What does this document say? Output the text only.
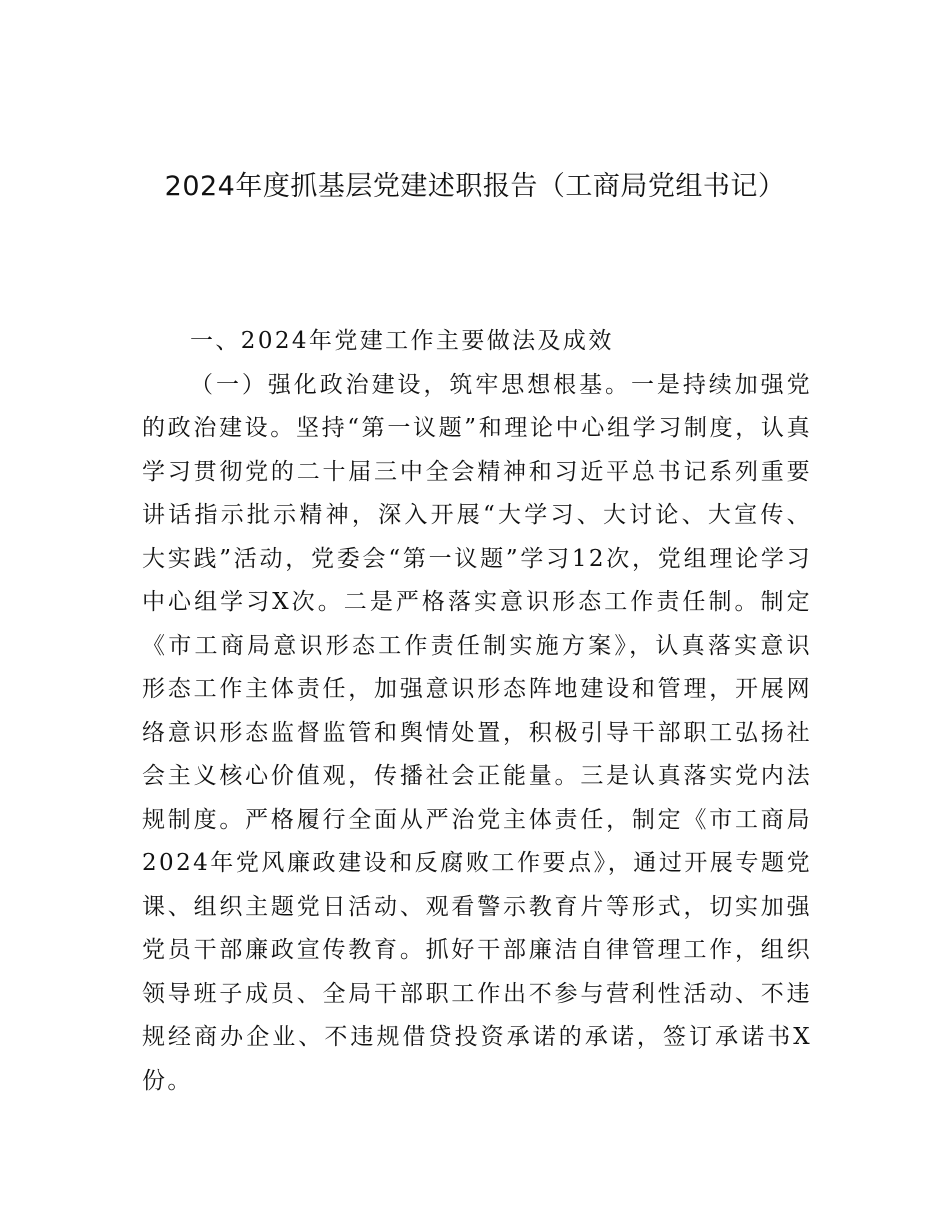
2024年度抓基层党建述职报告（工商局党组书记）

一、2024年党建工作主要做法及成效

（一）强化政治建设，筑牢思想根基。一是持续加强党的政治建设。坚持“第一议题”和理论中心组学习制度，认真学习贯彻党的二十届三中全会精神和习近平总书记系列重要讲话指示批示精神，深入开展“大学习、大讨论、大宣传、大实践”活动，党委会“第一议题”学习12次，党组理论学习中心组学习X次。二是严格落实意识形态工作责任制。制定《市工商局意识形态工作责任制实施方案》，认真落实意识形态工作主体责任，加强意识形态阵地建设和管理，开展网络意识形态监督监管和舆情处置，积极引导干部职工弘扬社会主义核心价值观，传播社会正能量。三是认真落实党内法规制度。严格履行全面从严治党主体责任，制定《市工商局2024年党风廉政建设和反腐败工作要点》，通过开展专题党课、组织主题党日活动、观看警示教育片等形式，切实加强党员干部廉政宣传教育。抓好干部廉洁自律管理工作，组织领导班子成员、全局干部职工作出不参与营利性活动、不违规经商办企业、不违规借贷投资承诺的承诺，签订承诺书X份。
